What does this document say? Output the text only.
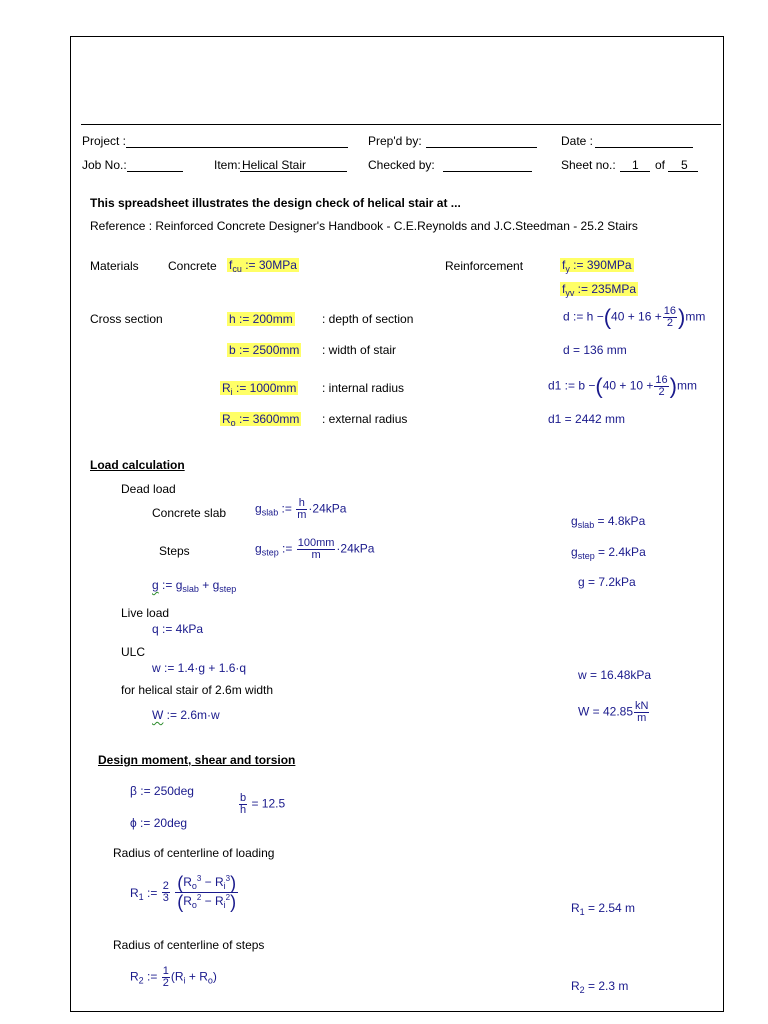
Project :	Prep'd by:	Date :
Job No.:	Item: Helical Stair	Checked by:	Sheet no.: 1 of 5
This spreadsheet illustrates the design check of helical stair at ...
Reference : Reinforced Concrete Designer's Handbook - C.E.Reynolds and J.C.Steedman - 25.2 Stairs
Materials Concrete $f_{cu}$ := 30MPa	Reinforcement	$f_y$ := 390MPa
$f_{yv}$ := 235MPa
Cross section	h := 200mm : depth of section	d := $h -(40 + 16 + \frac{16}{2} )mm$
b := 2500mm : width of stair	d = 136 mm
$R_i$ := 1000mm : internal radius	d1 := $b -(40 + 10 + \frac{16}{2} )mm$
$R_o$ := 3600mm : external radius	d1 = 2442 mm
Load calculation
Dead load
Concrete slab $g_{slab}$ := $\frac{h}{m} \cdot 24kPa$
$g_{slab} = 4.8kPa$
Steps	$g_{step}$ := $\frac{100mm}{m} \cdot 24kPa$	$g_{step} = 2.4kPa$
g := $g_{slab} + g_{step}$	g = 7.2kPa
Live load
q := 4kPa
ULC
w := 1.4·g + 1.6·q	w = 16.48kPa
for helical stair of 2.6m width
W := 2.6m·w	$W = 42.85 \frac{kN}{m}$
Design moment, shear and torsion
β := 250deg
ϕ := 20deg
$\frac{b}{h} = 12.5$
Radius of centerline of loading
$R_1$ := $\frac{2}{3}$
$\frac{(R_o^3 - R_i^3)}{(R_o^2 - R_i^2)}$	$R_1 = 2.54$ m
Radius of centerline of steps
$R_2$ := $\frac{1}{2} (R_i + R_o)$
$R_2 = 2.3$ m
